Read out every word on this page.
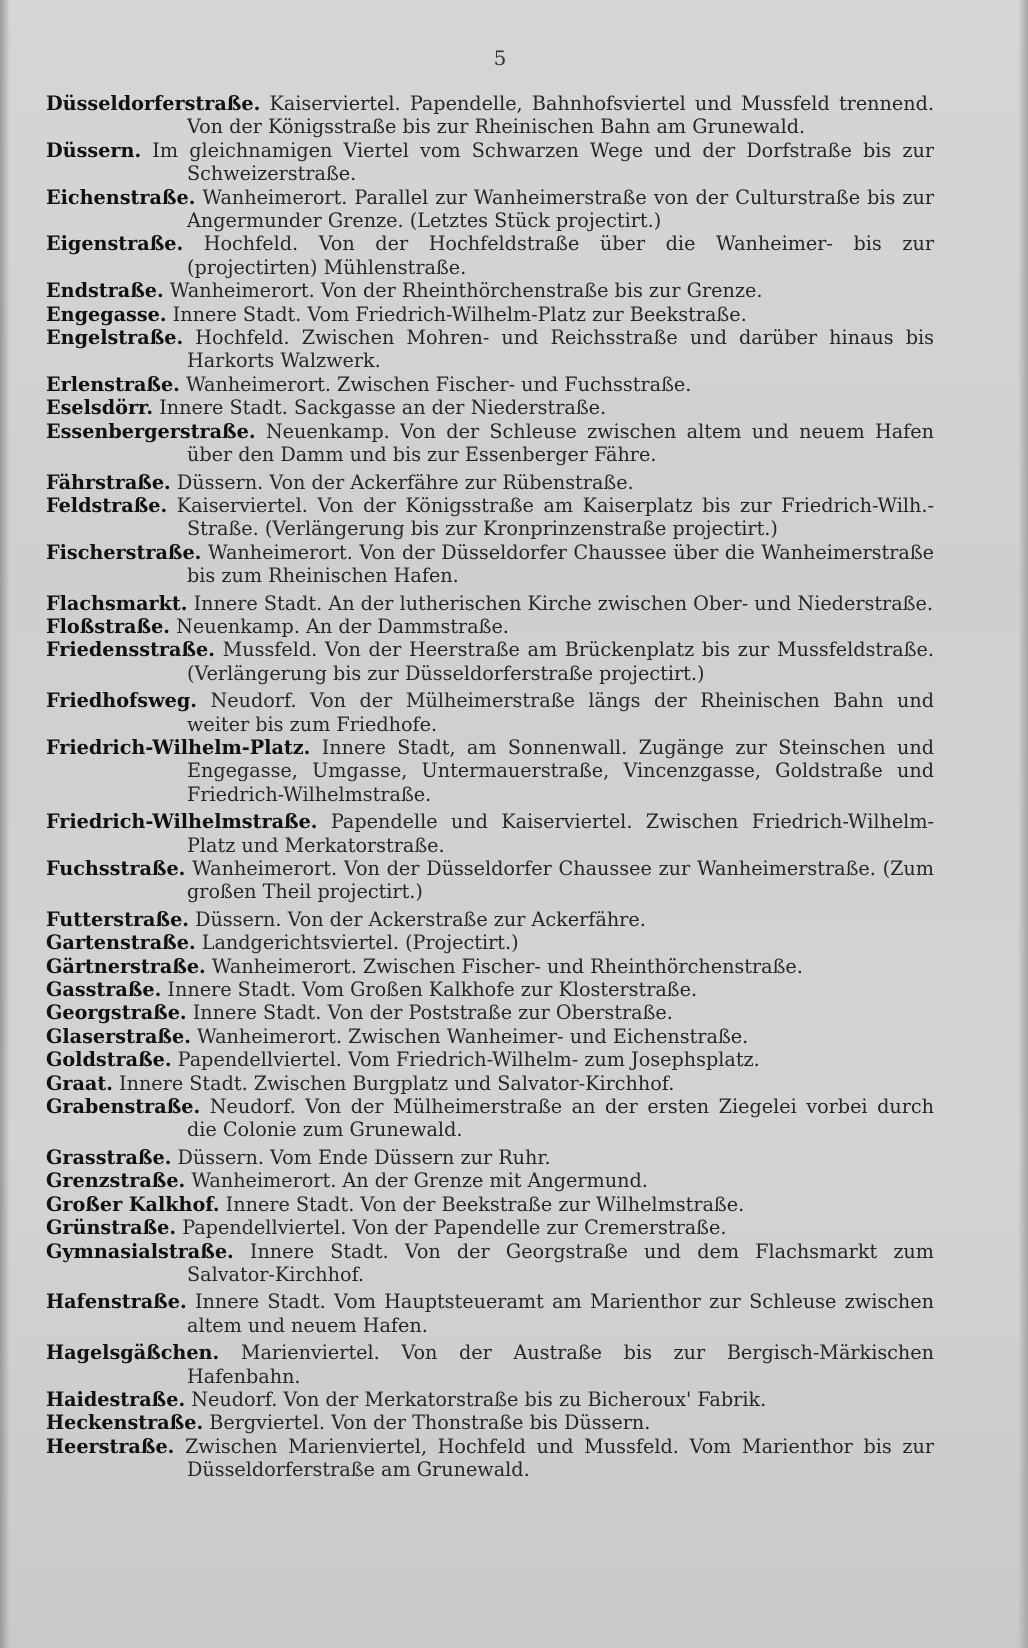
5

Düsseldorferstraße. Kaiserviertel. Papendelle, Bahnhofsviertel und Mussfeld trennend. Von der Königsstraße bis zur Rheinischen Bahn am Grunewald.

Düssern. Im gleichnamigen Viertel vom Schwarzen Wege und der Dorfstraße bis zur Schweizerstraße.

Eichenstraße. Wanheimerort. Parallel zur Wanheimerstraße von der Culturstraße bis zur Angermunder Grenze. (Letztes Stück projectirt.)

Eigenstraße. Hochfeld. Von der Hochfeldstraße über die Wanheimer- bis zur (projectirten) Mühlenstraße.

Endstraße. Wanheimerort. Von der Rheinthörchenstraße bis zur Grenze.

Engegasse. Innere Stadt. Vom Friedrich-Wilhelm-Platz zur Beekstraße.

Engelstraße. Hochfeld. Zwischen Mohren- und Reichsstraße und darüber hinaus bis Harkorts Walzwerk.

Erlenstraße. Wanheimerort. Zwischen Fischer- und Fuchsstraße.

Eselsdörr. Innere Stadt. Sackgasse an der Niederstraße.

Essenbergerstraße. Neuenkamp. Von der Schleuse zwischen altem und neuem Hafen über den Damm und bis zur Essenberger Fähre.

Fährstraße. Düssern. Von der Ackerfähre zur Rübenstraße.

Feldstraße. Kaiserviertel. Von der Königsstraße am Kaiserplatz bis zur Friedrich-Wilh.-Straße. (Verlängerung bis zur Kronprinzenstraße projectirt.)

Fischerstraße. Wanheimerort. Von der Düsseldorfer Chaussee über die Wanheimerstraße bis zum Rheinischen Hafen.

Flachsmarkt. Innere Stadt. An der lutherischen Kirche zwischen Ober- und Niederstraße.

Floßstraße. Neuenkamp. An der Dammstraße.

Friedensstraße. Mussfeld. Von der Heerstraße am Brückenplatz bis zur Mussfeldstraße. (Verlängerung bis zur Düsseldorferstraße projectirt.)

Friedhofsweg. Neudorf. Von der Mülheimerstraße längs der Rheinischen Bahn und weiter bis zum Friedhofe.

Friedrich-Wilhelm-Platz. Innere Stadt, am Sonnenwall. Zugänge zur Steinschen und Engegasse, Umgasse, Untermauerstraße, Vincenzgasse, Goldstraße und Friedrich-Wilhelmstraße.

Friedrich-Wilhelmstraße. Papendelle und Kaiserviertel. Zwischen Friedrich-Wilhelm-Platz und Merkatorstraße.

Fuchsstraße. Wanheimerort. Von der Düsseldorfer Chaussee zur Wanheimerstraße. (Zum großen Theil projectirt.)

Futterstraße. Düssern. Von der Ackerstraße zur Ackerfähre.

Gartenstraße. Landgerichtsviertel. (Projectirt.)

Gärtnerstraße. Wanheimerort. Zwischen Fischer- und Rheinthörchenstraße.

Gasstraße. Innere Stadt. Vom Großen Kalkhofe zur Klosterstraße.

Georgstraße. Innere Stadt. Von der Poststraße zur Oberstraße.

Glaserstraße. Wanheimerort. Zwischen Wanheimer- und Eichenstraße.

Goldstraße. Papendellviertel. Vom Friedrich-Wilhelm- zum Josephsplatz.

Graat. Innere Stadt. Zwischen Burgplatz und Salvator-Kirchhof.

Grabenstraße. Neudorf. Von der Mülheimerstraße an der ersten Ziegelei vorbei durch die Colonie zum Grunewald.

Grasstraße. Düssern. Vom Ende Düssern zur Ruhr.

Grenzstraße. Wanheimerort. An der Grenze mit Angermund.

Großer Kalkhof. Innere Stadt. Von der Beekstraße zur Wilhelmstraße.

Grünstraße. Papendellviertel. Von der Papendelle zur Cremerstraße.

Gymnasialstraße. Innere Stadt. Von der Georgstraße und dem Flachsmarkt zum Salvator-Kirchhof.

Hafenstraße. Innere Stadt. Vom Hauptsteueramt am Marienthor zur Schleuse zwischen altem und neuem Hafen.

Hagelsgäßchen. Marienviertel. Von der Austraße bis zur Bergisch-Märkischen Hafenbahn.

Haidestraße. Neudorf. Von der Merkatorstraße bis zu Bicheroux' Fabrik.

Heckenstraße. Bergviertel. Von der Thonstraße bis Düssern.

Heerstraße. Zwischen Marienviertel, Hochfeld und Mussfeld. Vom Marienthor bis zur Düsseldorferstraße am Grunewald.
